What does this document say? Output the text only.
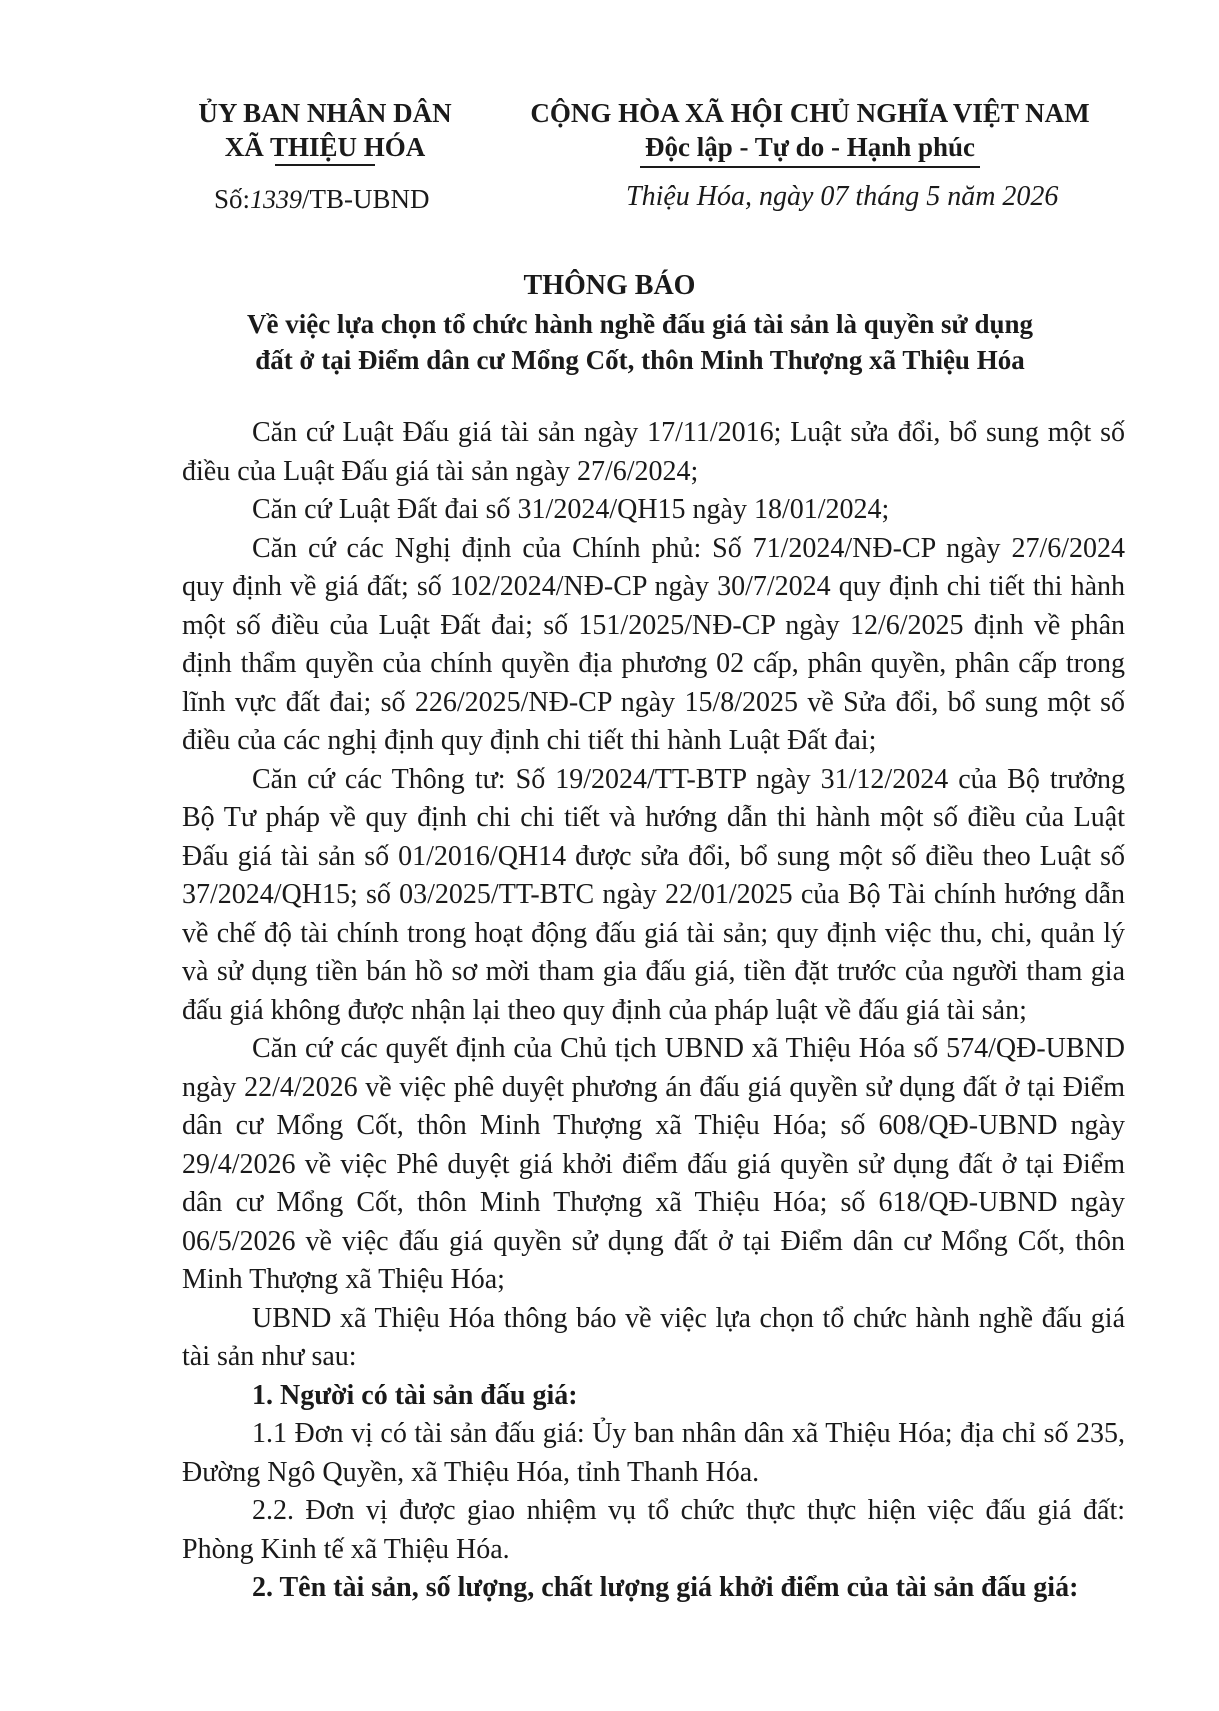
ỦY BAN NHÂN DÂN
XÃ THIỆU HÓA
Số:1339/TB-UBND
CỘNG HÒA XÃ HỘI CHỦ NGHĨA VIỆT NAM
Độc lập - Tự do - Hạnh phúc
Thiệu Hóa, ngày 07 tháng 5 năm 2026
THÔNG BÁO
Về việc lựa chọn tổ chức hành nghề đấu giá tài sản là quyền sử dụng
đất ở tại Điểm dân cư Mổng Cốt, thôn Minh Thượng xã Thiệu Hóa

Căn cứ Luật Đấu giá tài sản ngày 17/11/2016; Luật sửa đổi, bổ sung một số điều của Luật Đấu giá tài sản ngày 27/6/2024;

Căn cứ Luật Đất đai số 31/2024/QH15 ngày 18/01/2024;

Căn cứ các Nghị định của Chính phủ: Số 71/2024/NĐ-CP ngày 27/6/2024 quy định về giá đất; số 102/2024/NĐ-CP ngày 30/7/2024 quy định chi tiết thi hành một số điều của Luật Đất đai; số 151/2025/NĐ-CP ngày 12/6/2025 định về phân định thẩm quyền của chính quyền địa phương 02 cấp, phân quyền, phân cấp trong lĩnh vực đất đai; số 226/2025/NĐ-CP ngày 15/8/2025 về Sửa đổi, bổ sung một số điều của các nghị định quy định chi tiết thi hành Luật Đất đai;

Căn cứ các Thông tư: Số 19/2024/TT-BTP ngày 31/12/2024 của Bộ trưởng Bộ Tư pháp về quy định chi chi tiết và hướng dẫn thi hành một số điều của Luật Đấu giá tài sản số 01/2016/QH14 được sửa đổi, bổ sung một số điều theo Luật số 37/2024/QH15; số 03/2025/TT-BTC ngày 22/01/2025 của Bộ Tài chính hướng dẫn về chế độ tài chính trong hoạt động đấu giá tài sản; quy định việc thu, chi, quản lý và sử dụng tiền bán hồ sơ mời tham gia đấu giá, tiền đặt trước của người tham gia đấu giá không được nhận lại theo quy định của pháp luật về đấu giá tài sản;

Căn cứ các quyết định của Chủ tịch UBND xã Thiệu Hóa số 574/QĐ-UBND ngày 22/4/2026 về việc phê duyệt phương án đấu giá quyền sử dụng đất ở tại Điểm dân cư Mổng Cốt, thôn Minh Thượng xã Thiệu Hóa; số 608/QĐ-UBND ngày 29/4/2026 về việc Phê duyệt giá khởi điểm đấu giá quyền sử dụng đất ở tại Điểm dân cư Mổng Cốt, thôn Minh Thượng xã Thiệu Hóa; số 618/QĐ-UBND ngày 06/5/2026 về việc đấu giá quyền sử dụng đất ở tại Điểm dân cư Mổng Cốt, thôn Minh Thượng xã Thiệu Hóa;

UBND xã Thiệu Hóa thông báo về việc lựa chọn tổ chức hành nghề đấu giá tài sản như sau:

1. Người có tài sản đấu giá:

1.1 Đơn vị có tài sản đấu giá: Ủy ban nhân dân xã Thiệu Hóa; địa chỉ số 235, Đường Ngô Quyền, xã Thiệu Hóa, tỉnh Thanh Hóa.

2.2. Đơn vị được giao nhiệm vụ tổ chức thực thực hiện việc đấu giá đất: Phòng Kinh tế xã Thiệu Hóa.

2. Tên tài sản, số lượng, chất lượng giá khởi điểm của tài sản đấu giá:
